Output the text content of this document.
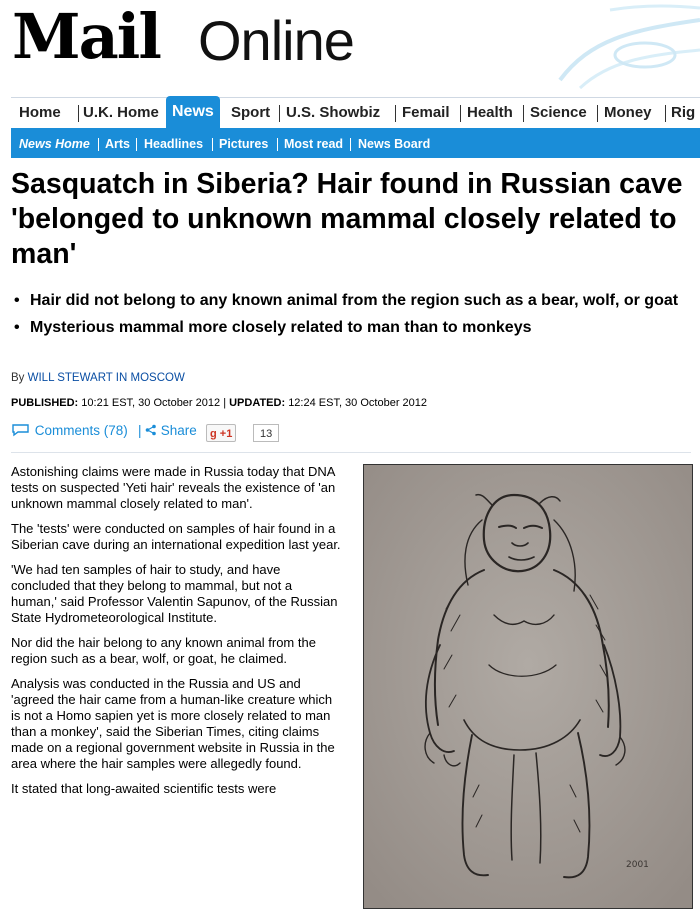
Mail Online
Home U.K. Home News	Sport U.S. Showbiz Femail Health Science Money Rig
News Home Arts Headlines Pictures Most read News Board
Sasquatch in Siberia? Hair found in Russian cave 'belonged to unknown mammal closely related to man'
• Hair did not belong to any known animal from the region such as a bear, wolf, or goat
• Mysterious mammal more closely related to man than to monkeys
By WILL STEWART IN MOSCOW
PUBLISHED: 10:21 EST, 30 October 2012 | UPDATED: 12:24 EST, 30 October 2012
Comments (78) |	Share	g +1	13

Astonishing claims were made in Russia today that DNA tests on suspected 'Yeti hair' reveals the existence of 'an unknown mammal closely related to man'.

The 'tests' were conducted on samples of hair found in a Siberian cave during an international expedition last year.

'We had ten samples of hair to study, and have concluded that they belong to mammal, but not a human,' said Professor Valentin Sapunov, of the Russian State Hydrometeorological Institute.

Nor did the hair belong to any known animal from the region such as a bear, wolf, or goat, he claimed.

Analysis was conducted in the Russia and US and 'agreed the hair came from a human-like creature which is not a Homo sapien yet is more closely related to man than a monkey', said the Siberian Times, citing claims made on a regional government website in Russia in the area where the hair samples were allegedly found.

It stated that long-awaited scientific tests were

2001
